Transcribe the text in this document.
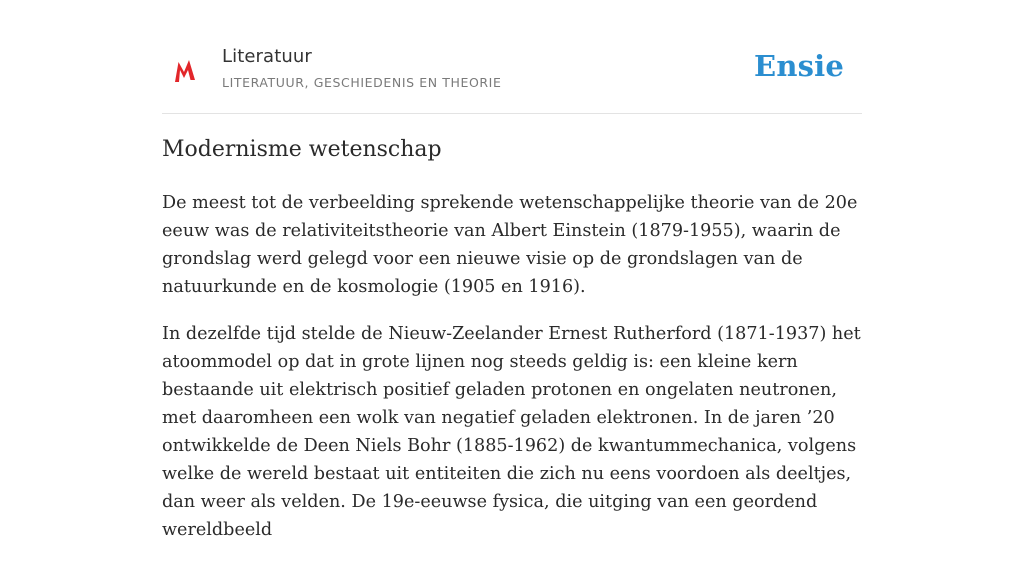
Literatuur
LITERATUUR, GESCHIEDENIS EN THEORIE	Ensie
Modernisme wetenschap

De meest tot de verbeelding sprekende wetenschappelijke theorie van de 20e eeuw was de relativiteitstheorie van Albert Einstein (1879-1955), waarin de grondslag werd gelegd voor een nieuwe visie op de grondslagen van de natuurkunde en de kosmologie (1905 en 1916).

In dezelfde tijd stelde de Nieuw-Zeelander Ernest Rutherford (1871-1937) het atoommodel op dat in grote lijnen nog steeds geldig is: een kleine kern bestaande uit elektrisch positief geladen protonen en ongelaten neutronen, met daaromheen een wolk van negatief geladen elektronen. In de jaren ’20 ontwikkelde de Deen Niels Bohr (1885-1962) de kwantummechanica, volgens welke de wereld bestaat uit entiteiten die zich nu eens voordoen als deeltjes, dan weer als velden. De 19e-eeuwse fysica, die uitging van een geordend wereldbeeld
